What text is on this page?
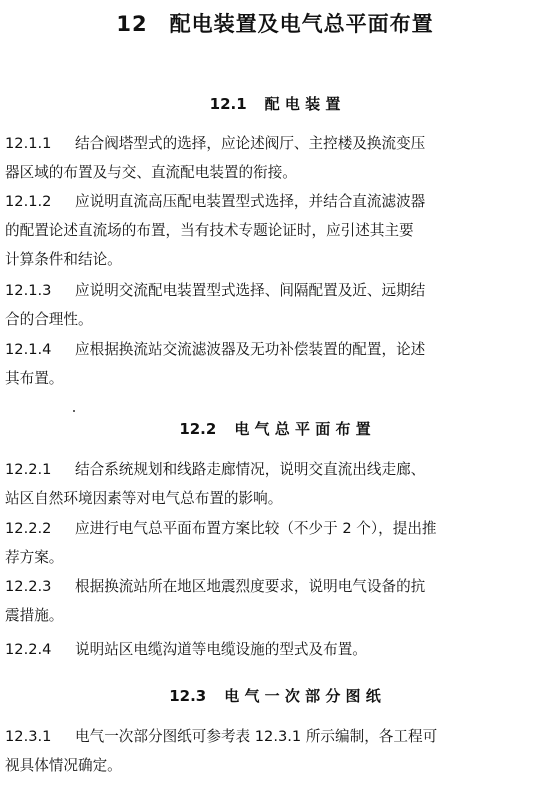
12 配电装置及电气总平面布置
12.1 配 电 装 置
12.1.1 结合阀塔型式的选择，应论述阀厅、主控楼及换流变压
器区域的布置及与交、直流配电装置的衔接。
12.1.2 应说明直流高压配电装置型式选择，并结合直流滤波器
的配置论述直流场的布置，当有技术专题论证时，应引述其主要
计算条件和结论。
12.1.3 应说明交流配电装置型式选择、间隔配置及近、远期结
合的合理性。
12.1.4 应根据换流站交流滤波器及无功补偿装置的配置，论述
其布置。
12.2 电 气 总 平 面 布 置
12.2.1 结合系统规划和线路走廊情况，说明交直流出线走廊、
站区自然环境因素等对电气总布置的影响。
12.2.2 应进行电气总平面布置方案比较（不少于 2 个），提出推
荐方案。
12.2.3 根据换流站所在地区地震烈度要求，说明电气设备的抗
震措施。
12.2.4 说明站区电缆沟道等电缆设施的型式及布置。
12.3 电 气 一 次 部 分 图 纸
12.3.1 电气一次部分图纸可参考表 12.3.1 所示编制，各工程可
视具体情况确定。
